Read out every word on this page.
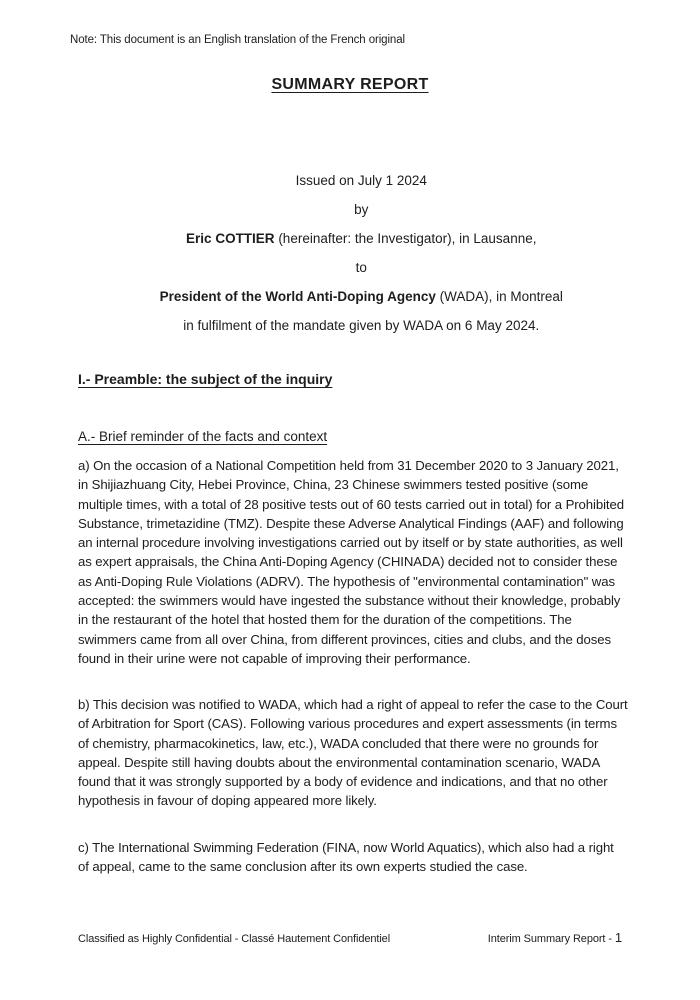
Note: This document is an English translation of the French original
SUMMARY REPORT

Issued on July 1 2024

by

Eric COTTIER (hereinafter: the Investigator), in Lausanne,

to

President of the World Anti-Doping Agency (WADA), in Montreal

in fulfilment of the mandate given by WADA on 6 May 2024.

I.- Preamble: the subject of the inquiry
A.- Brief reminder of the facts and context

a) On the occasion of a National Competition held from 31 December 2020 to 3 January 2021, in Shijiazhuang City, Hebei Province, China, 23 Chinese swimmers tested positive (some multiple times, with a total of 28 positive tests out of 60 tests carried out in total) for a Prohibited Substance, trimetazidine (TMZ). Despite these Adverse Analytical Findings (AAF) and following an internal procedure involving investigations carried out by itself or by state authorities, as well as expert appraisals, the China Anti-Doping Agency (CHINADA) decided not to consider these as Anti-Doping Rule Violations (ADRV). The hypothesis of "environmental contamination" was accepted: the swimmers would have ingested the substance without their knowledge, probably in the restaurant of the hotel that hosted them for the duration of the competitions. The swimmers came from all over China, from different provinces, cities and clubs, and the doses found in their urine were not capable of improving their performance.

b) This decision was notified to WADA, which had a right of appeal to refer the case to the Court of Arbitration for Sport (CAS). Following various procedures and expert assessments (in terms of chemistry, pharmacokinetics, law, etc.), WADA concluded that there were no grounds for appeal. Despite still having doubts about the environmental contamination scenario, WADA found that it was strongly supported by a body of evidence and indications, and that no other hypothesis in favour of doping appeared more likely.

c) The International Swimming Federation (FINA, now World Aquatics), which also had a right of appeal, came to the same conclusion after its own experts studied the case.

Classified as Highly Confidential - Classé Hautement Confidentiel	Interim Summary Report - 1
